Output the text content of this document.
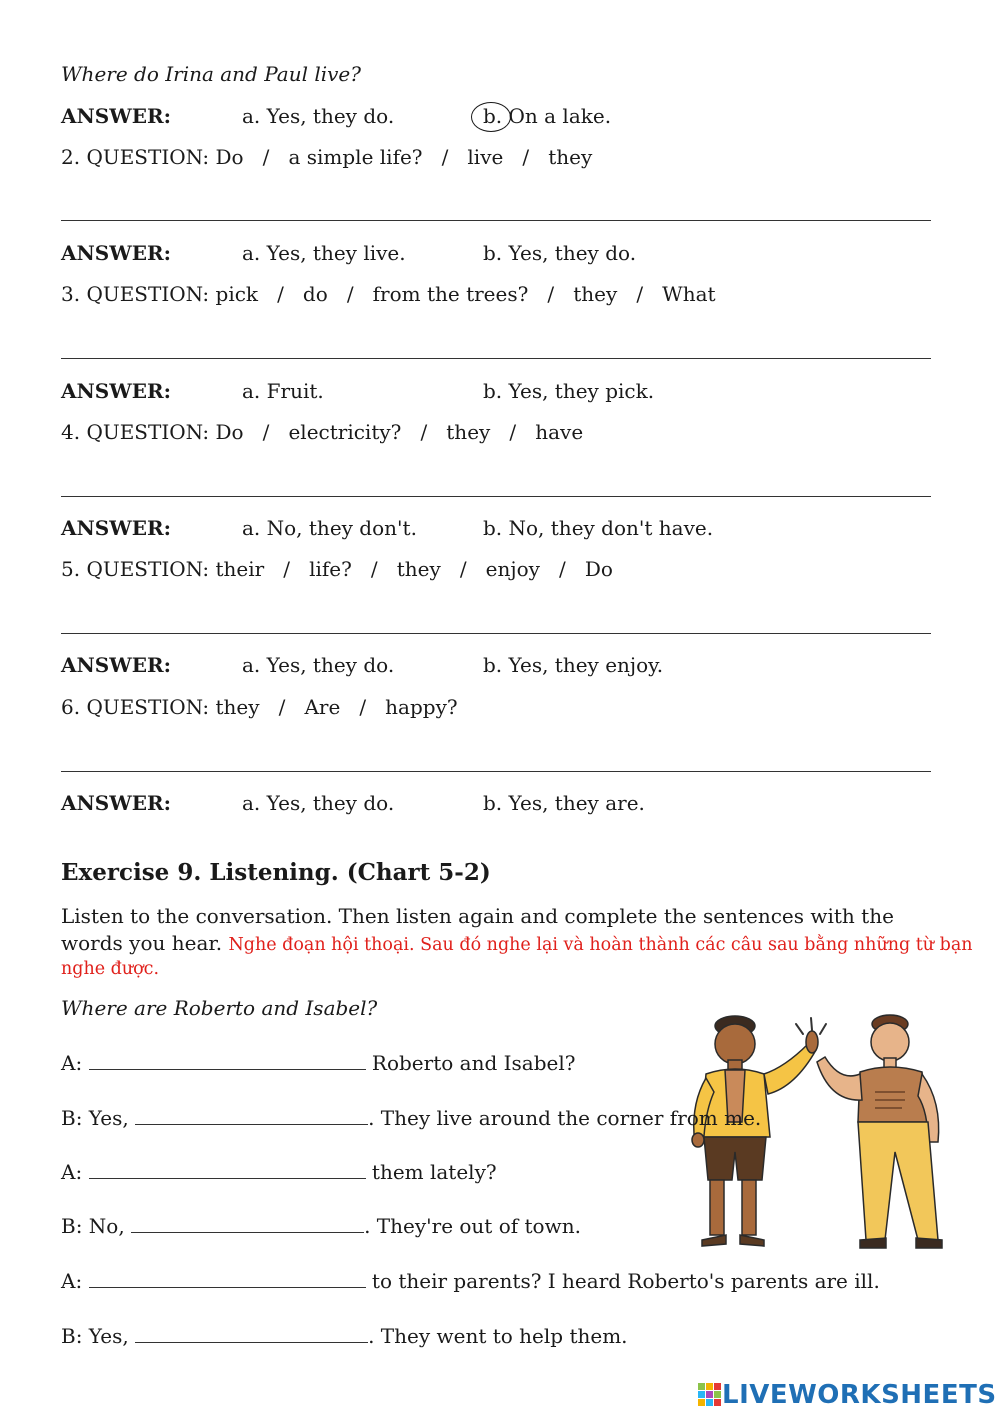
Where do Irina and Paul live?
ANSWER:	a. Yes, they do.	b. On a lake.
2. QUESTION: Do   /   a simple life?   /   live   /   they
ANSWER:	a. Yes, they live.	b. Yes, they do.
3. QUESTION: pick   /   do   /   from the trees?   /   they   /   What
ANSWER:	a. Fruit.	b. Yes, they pick.
4. QUESTION: Do   /   electricity?   /   they   /   have
ANSWER:	a. No, they don't.	b. No, they don't have.
5. QUESTION: their   /   life?   /   they   /   enjoy   /   Do
ANSWER:	a. Yes, they do.	b. Yes, they enjoy.
6. QUESTION: they   /   Are   /   happy?
ANSWER:	a. Yes, they do.	b. Yes, they are.
Exercise 9. Listening. (Chart 5-2)
Listen to the conversation. Then listen again and complete the sentences with the
words you hear. Nghe đoạn hội thoại. Sau đó nghe lại và hoàn thành các câu sau bằng những từ bạn
nghe được.
Where are Roberto and Isabel?
A:	Roberto and Isabel?
B: Yes,	. They live around the corner from me.
A:	them lately?
B: No,	. They're out of town.
A:	to their parents? I heard Roberto's parents are ill.
B: Yes,	. They went to help them.
LIVEWORKSHEETS
